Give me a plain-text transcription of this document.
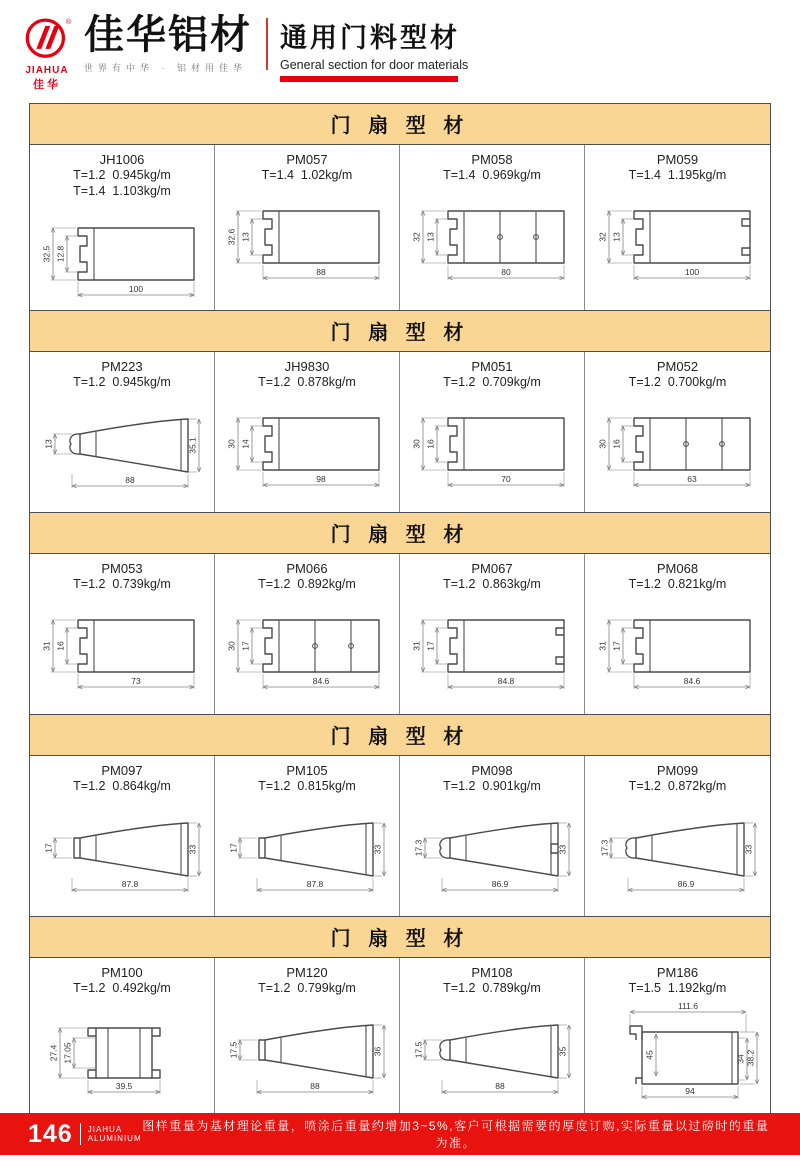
®
JIAHUA
佳华
佳华铝材
世界有中华 · 铝材用佳华
通用门料型材
General section for door materials
门 扇 型 材
JH1006
T=1.2  0.945kg/m
T=1.4  1.103kg/m
32.5 12.8
100
PM057
T=1.4  1.02kg/m
32.6 13
88
PM058
T=1.4  0.969kg/m
32 13
80
PM059
T=1.4  1.195kg/m
32 13
100
门 扇 型 材
PM223
T=1.2  0.945kg/m
13	35.1
88
JH9830
T=1.2  0.878kg/m
30 14
98
PM051
T=1.2  0.709kg/m
30 16
70
PM052
T=1.2  0.700kg/m
30 16
63
门 扇 型 材
PM053
T=1.2  0.739kg/m
31 16
73
PM066
T=1.2  0.892kg/m
30 17
84.6
PM067
T=1.2  0.863kg/m
31 17
84.8
PM068
T=1.2  0.821kg/m
31 17
84.6
门 扇 型 材
PM097
T=1.2  0.864kg/m
17	33
87.8
PM105
T=1.2  0.815kg/m
17	33
87.8
PM098
T=1.2  0.901kg/m
17.3	33
86.9
PM099
T=1.2  0.872kg/m
17.3	33
86.9
门 扇 型 材
PM100
T=1.2  0.492kg/m
27.4 17.05
39.5
PM120
T=1.2  0.799kg/m
17.5	36
88
PM108
T=1.2  0.789kg/m
17.5	35
88
PM186
T=1.5  1.192kg/m
111.6
45	34 38.2
94
146 JIAHUA
ALUMINIUM
图样重量为基材理论重量，喷涂后重量约增加3~5%,客户可根据需要的厚度订购,实际重量以过磅时的重量为准。
